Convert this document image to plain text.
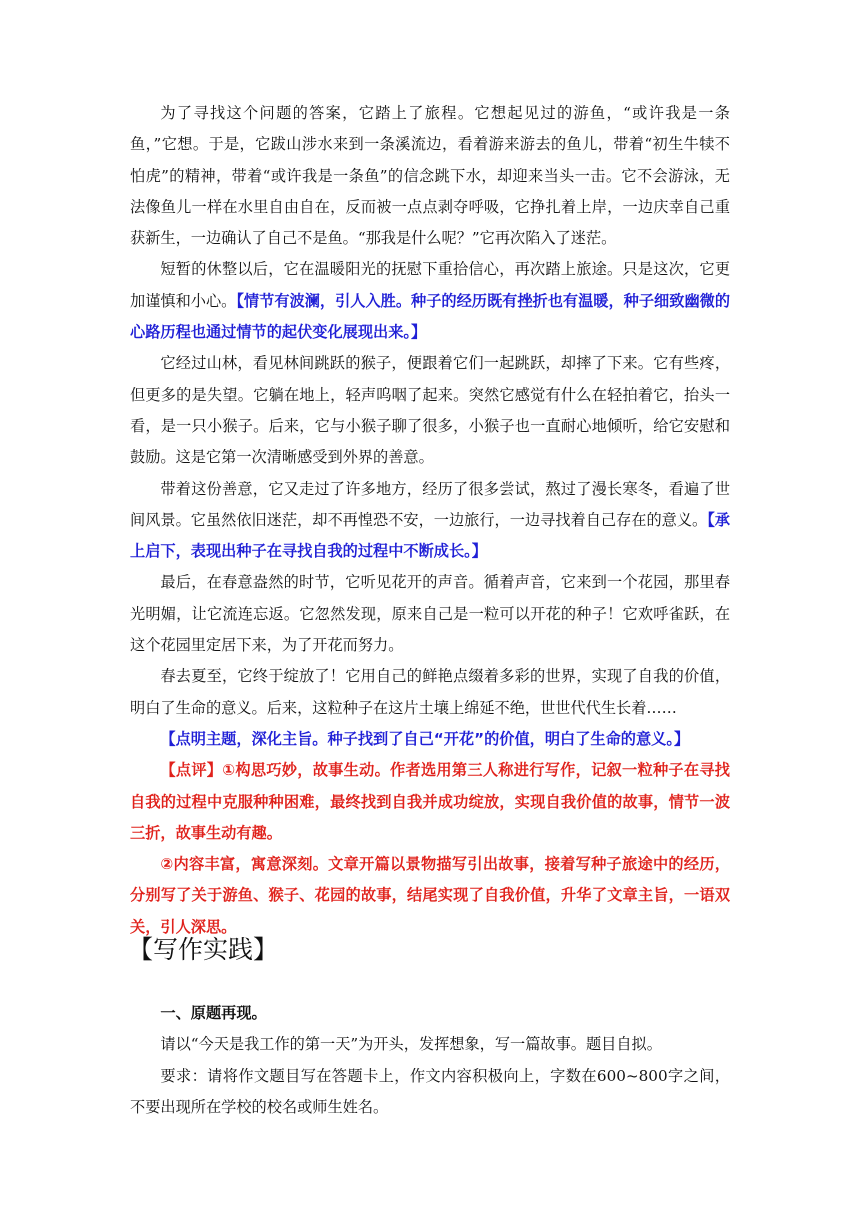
为了寻找这个问题的答案，它踏上了旅程。它想起见过的游鱼，“或许我是一条鱼，”它想。于是，它跋山涉水来到一条溪流边，看着游来游去的鱼儿，带着“初生牛犊不怕虎”的精神，带着“或许我是一条鱼”的信念跳下水，却迎来当头一击。它不会游泳，无法像鱼儿一样在水里自由自在，反而被一点点剥夺呼吸，它挣扎着上岸，一边庆幸自己重获新生，一边确认了自己不是鱼。“那我是什么呢？”它再次陷入了迷茫。

短暂的休整以后，它在温暖阳光的抚慰下重拾信心，再次踏上旅途。只是这次，它更加谨慎和小心。【情节有波澜，引人入胜。种子的经历既有挫折也有温暖，种子细致幽微的心路历程也通过情节的起伏变化展现出来。】

它经过山林，看见林间跳跃的猴子，便跟着它们一起跳跃，却摔了下来。它有些疼，但更多的是失望。它躺在地上，轻声呜咽了起来。突然它感觉有什么在轻拍着它，抬头一看，是一只小猴子。后来，它与小猴子聊了很多，小猴子也一直耐心地倾听，给它安慰和鼓励。这是它第一次清晰感受到外界的善意。

带着这份善意，它又走过了许多地方，经历了很多尝试，熬过了漫长寒冬，看遍了世间风景。它虽然依旧迷茫，却不再惶恐不安，一边旅行，一边寻找着自己存在的意义。【承上启下，表现出种子在寻找自我的过程中不断成长。】

最后，在春意盎然的时节，它听见花开的声音。循着声音，它来到一个花园，那里春光明媚，让它流连忘返。它忽然发现，原来自己是一粒可以开花的种子！它欢呼雀跃，在这个花园里定居下来，为了开花而努力。

春去夏至，它终于绽放了！它用自己的鲜艳点缀着多彩的世界，实现了自我的价值，明白了生命的意义。后来，这粒种子在这片土壤上绵延不绝，世世代代生长着……

【点明主题，深化主旨。种子找到了自己“开花”的价值，明白了生命的意义。】

【点评】①构思巧妙，故事生动。作者选用第三人称进行写作，记叙一粒种子在寻找自我的过程中克服种种困难，最终找到自我并成功绽放，实现自我价值的故事，情节一波三折，故事生动有趣。

②内容丰富，寓意深刻。文章开篇以景物描写引出故事，接着写种子旅途中的经历，分别写了关于游鱼、猴子、花园的故事，结尾实现了自我价值，升华了文章主旨，一语双关，引人深思。

【写作实践】

一、原题再现。

请以“今天是我工作的第一天”为开头，发挥想象，写一篇故事。题目自拟。

要求：请将作文题目写在答题卡上，作文内容积极向上，字数在600~800字之间，不要出现所在学校的校名或师生姓名。
